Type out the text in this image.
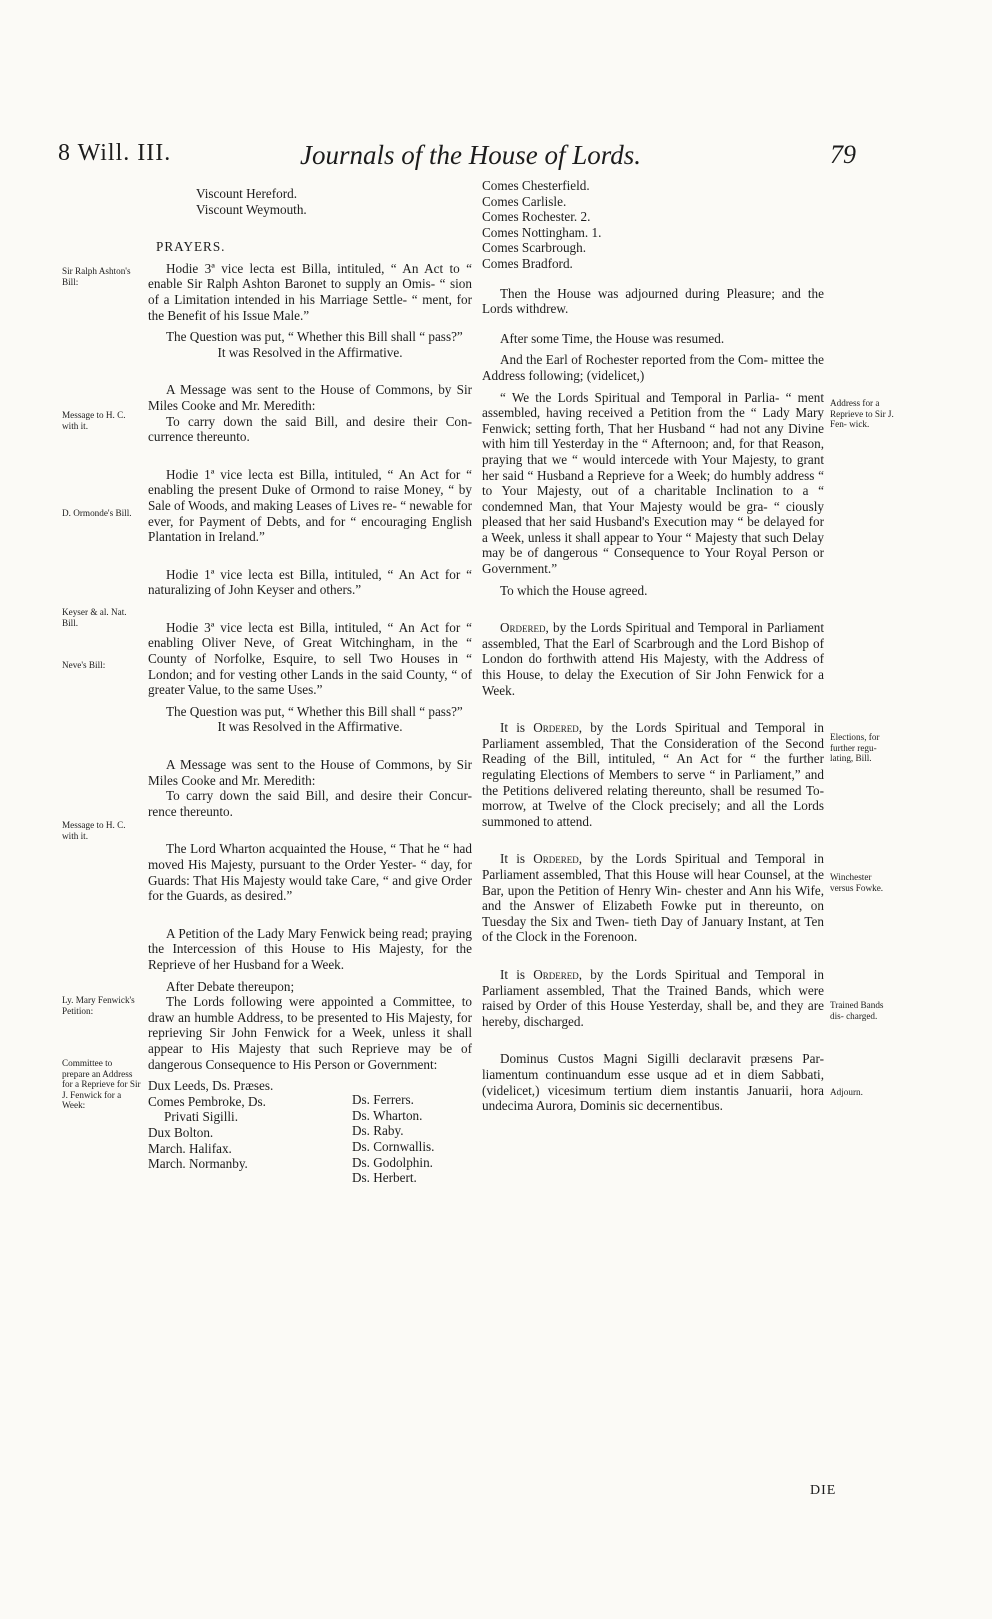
8 Will. III.	Journals of the House of Lords.	79
Sir Ralph Ashton's Bill:
Message to H. C. with it.
D. Ormonde's Bill.
Keyser & al. Nat. Bill.
Neve's Bill:
Message to H. C. with it.
Ly. Mary Fenwick's Petition:
Committee to prepare an Address for a Reprieve for Sir J. Fenwick for a Week:

Viscount Hereford.

Viscount Weymouth.

PRAYERS.

Hodie 3ª vice lecta est Billa, intituled, “ An Act to “ enable Sir Ralph Ashton Baronet to supply an Omis- “ sion of a Limitation intended in his Marriage Settle- “ ment, for the Benefit of his Issue Male.”

The Question was put, “ Whether this Bill shall “ pass?”

It was Resolved in the Affirmative.

A Message was sent to the House of Commons, by Sir Miles Cooke and Mr. Meredith:

To carry down the said Bill, and desire their Con- currence thereunto.

Hodie 1ª vice lecta est Billa, intituled, “ An Act for “ enabling the present Duke of Ormond to raise Money, “ by Sale of Woods, and making Leases of Lives re- “ newable for ever, for Payment of Debts, and for “ encouraging English Plantation in Ireland.”

Hodie 1ª vice lecta est Billa, intituled, “ An Act for “ naturalizing of John Keyser and others.”

Hodie 3ª vice lecta est Billa, intituled, “ An Act for “ enabling Oliver Neve, of Great Witchingham, in the “ County of Norfolke, Esquire, to sell Two Houses in “ London; and for vesting other Lands in the said County, “ of greater Value, to the same Uses.”

The Question was put, “ Whether this Bill shall “ pass?”

It was Resolved in the Affirmative.

A Message was sent to the House of Commons, by Sir Miles Cooke and Mr. Meredith:

To carry down the said Bill, and desire their Concur- rence thereunto.

The Lord Wharton acquainted the House, “ That he “ had moved His Majesty, pursuant to the Order Yester- “ day, for Guards: That His Majesty would take Care, “ and give Order for the Guards, as desired.”

A Petition of the Lady Mary Fenwick being read; praying the Intercession of this House to His Majesty, for the Reprieve of her Husband for a Week.

After Debate thereupon;

The Lords following were appointed a Committee, to draw an humble Address, to be presented to His Majesty, for reprieving Sir John Fenwick for a Week, unless it shall appear to His Majesty that such Reprieve may be of dangerous Consequence to His Person or Government:

Dux Leeds, Ds. Præses.

Comes Pembroke, Ds.

Privati Sigilli.

Dux Bolton.

March. Halifax.

March. Normanby.

Ds. Ferrers.

Ds. Wharton.

Ds. Raby.

Ds. Cornwallis.

Ds. Godolphin.

Ds. Herbert.

Comes Chesterfield.

Comes Carlisle.

Comes Rochester. 2.

Comes Nottingham. 1.

Comes Scarbrough.

Comes Bradford.

Then the House was adjourned during Pleasure; and the Lords withdrew.

After some Time, the House was resumed.

And the Earl of Rochester reported from the Com- mittee the Address following; (videlicet,)

“ We the Lords Spiritual and Temporal in Parlia- “ ment assembled, having received a Petition from the “ Lady Mary Fenwick; setting forth, That her Husband “ had not any Divine with him till Yesterday in the “ Afternoon; and, for that Reason, praying that we “ would intercede with Your Majesty, to grant her said “ Husband a Reprieve for a Week; do humbly address “ to Your Majesty, out of a charitable Inclination to a “ condemned Man, that Your Majesty would be gra- “ ciously pleased that her said Husband's Execution may “ be delayed for a Week, unless it shall appear to Your “ Majesty that such Delay may be of dangerous “ Consequence to Your Royal Person or Government.”

To which the House agreed.

Ordered, by the Lords Spiritual and Temporal in Parliament assembled, That the Earl of Scarbrough and the Lord Bishop of London do forthwith attend His Majesty, with the Address of this House, to delay the Execution of Sir John Fenwick for a Week.

It is Ordered, by the Lords Spiritual and Temporal in Parliament assembled, That the Consideration of the Second Reading of the Bill, intituled, “ An Act for “ the further regulating Elections of Members to serve “ in Parliament,” and the Petitions delivered relating thereunto, shall be resumed To-morrow, at Twelve of the Clock precisely; and all the Lords summoned to attend.

It is Ordered, by the Lords Spiritual and Temporal in Parliament assembled, That this House will hear Counsel, at the Bar, upon the Petition of Henry Win- chester and Ann his Wife, and the Answer of Elizabeth Fowke put in thereunto, on Tuesday the Six and Twen- tieth Day of January Instant, at Ten of the Clock in the Forenoon.

It is Ordered, by the Lords Spiritual and Temporal in Parliament assembled, That the Trained Bands, which were raised by Order of this House Yesterday, shall be, and they are hereby, discharged.

Dominus Custos Magni Sigilli declaravit præsens Par- liamentum continuandum esse usque ad et in diem Sabbati, (videlicet,) vicesimum tertium diem instantis Januarii, hora undecima Aurora, Dominis sic decernentibus.

Address for a Reprieve to Sir J. Fen- wick.
Elections, for further regu- lating, Bill.
Winchester versus Fowke.
Trained Bands dis- charged.
Adjourn.
DIE
